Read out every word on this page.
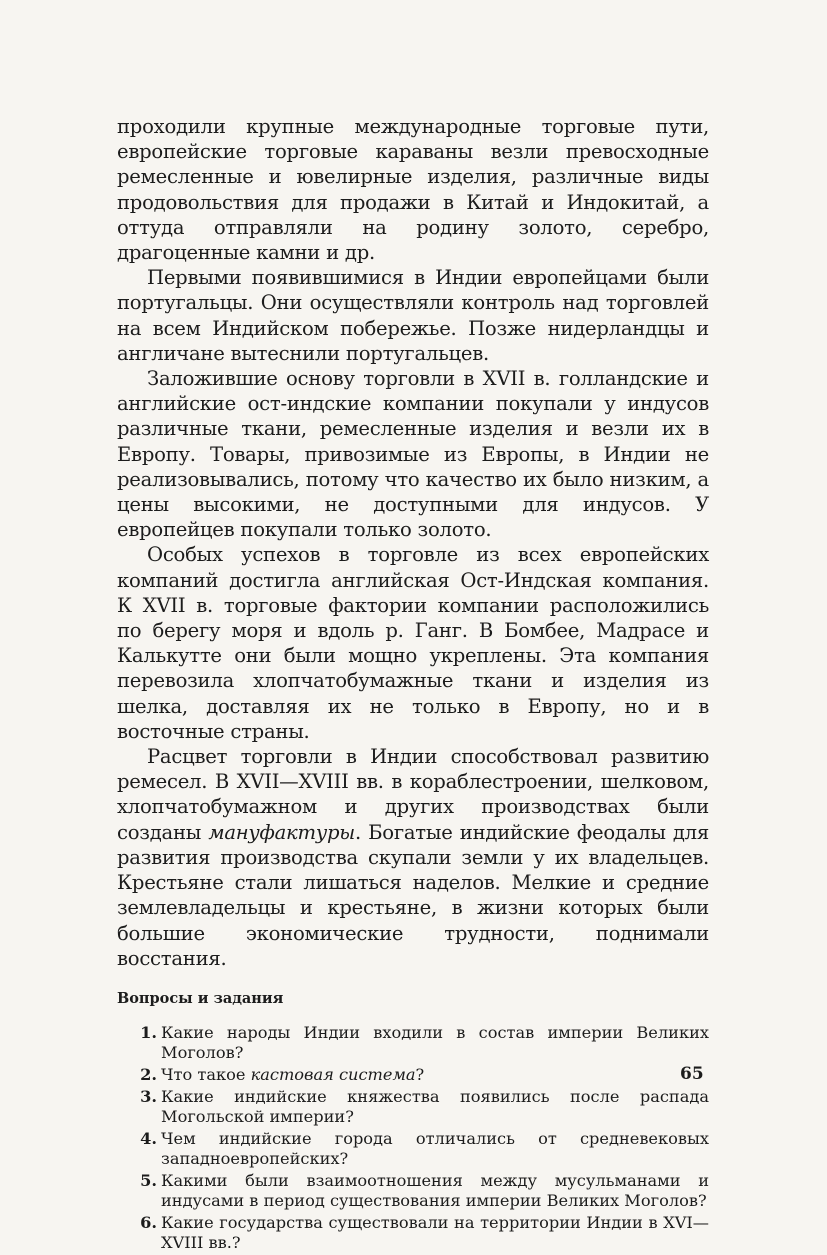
проходили крупные международные торговые пути, европейские торговые караваны везли превосходные ремесленные и ювелирные изделия, различные виды продовольствия для продажи в Китай и Индокитай, а оттуда отправляли на родину золото, серебро, драгоценные камни и др.

Первыми появившимися в Индии европейцами были португальцы. Они осуществляли контроль над торговлей на всем Индийском побережье. Позже нидерландцы и англичане вытеснили португальцев.

Заложившие основу торговли в XVII в. голландские и английские ост-индские компании покупали у индусов различные ткани, ремесленные изделия и везли их в Европу. Товары, привозимые из Европы, в Индии не реализовывались, потому что качество их было низким, а цены высокими, не доступными для индусов. У европейцев покупали только золото.

Особых успехов в торговле из всех европейских компаний достигла английская Ост-Индская компания. К XVII в. торговые фактории компании расположились по берегу моря и вдоль р. Ганг. В Бомбее, Мадрасе и Калькутте они были мощно укреплены. Эта компания перевозила хлопчатобумажные ткани и изделия из шелка, доставляя их не только в Европу, но и в восточные страны.

Расцвет торговли в Индии способствовал развитию ремесел. В XVII—XVIII вв. в кораблестроении, шелковом, хлопчатобумажном и других производствах были созданы мануфактуры. Богатые индийские феодалы для развития производства скупали земли у их владельцев. Крестьяне стали лишаться наделов. Мелкие и средние землевладельцы и крестьяне, в жизни которых были большие экономические трудности, поднимали восстания.

Вопросы и задания
1. Какие народы Индии входили в состав империи Великих Моголов?
2. Что такое кастовая система?
3. Какие индийские княжества появились после распада Могольской империи?
4. Чем индийские города отличались от средневековых западноевропейских?
5. Какими были взаимоотношения между мусульманами и индусами в период существования империи Великих Моголов?
6. Какие государства существовали на территории Индии в XVI—XVIII вв.?
65
